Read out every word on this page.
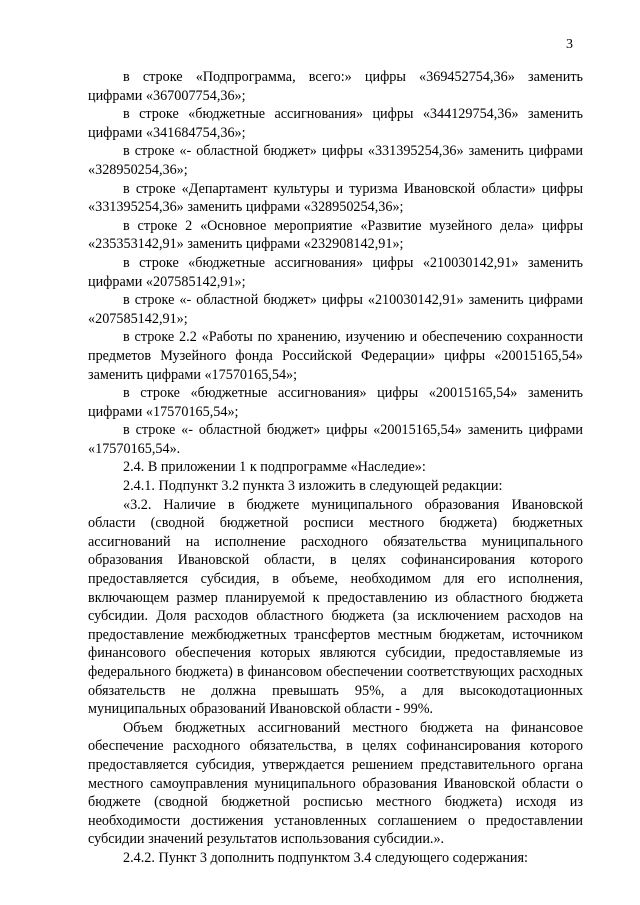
3

в строке «Подпрограмма, всего:» цифры «369452754,36» заменить цифрами «367007754,36»;

в строке «бюджетные ассигнования» цифры «344129754,36» заменить цифрами «341684754,36»;

в строке «- областной бюджет» цифры «331395254,36» заменить цифрами «328950254,36»;

в строке «Департамент культуры и туризма Ивановской области» цифры «331395254,36» заменить цифрами «328950254,36»;

в строке 2 «Основное мероприятие «Развитие музейного дела» цифры «235353142,91» заменить цифрами «232908142,91»;

в строке «бюджетные ассигнования» цифры «210030142,91» заменить цифрами «207585142,91»;

в строке «- областной бюджет» цифры «210030142,91» заменить цифрами «207585142,91»;

в строке 2.2 «Работы по хранению, изучению и обеспечению сохранности предметов Музейного фонда Российской Федерации» цифры «20015165,54» заменить цифрами «17570165,54»;

в строке «бюджетные ассигнования» цифры «20015165,54» заменить цифрами «17570165,54»;

в строке «- областной бюджет» цифры «20015165,54» заменить цифрами «17570165,54».

2.4. В приложении 1 к подпрограмме «Наследие»:

2.4.1. Подпункт 3.2 пункта 3 изложить в следующей редакции:

«3.2. Наличие в бюджете муниципального образования Ивановской области (сводной бюджетной росписи местного бюджета) бюджетных ассигнований на исполнение расходного обязательства муниципального образования Ивановской области, в целях софинансирования которого предоставляется субсидия, в объеме, необходимом для его исполнения, включающем размер планируемой к предоставлению из областного бюджета субсидии. Доля расходов областного бюджета (за исключением расходов на предоставление межбюджетных трансфертов местным бюджетам, источником финансового обеспечения которых являются субсидии, предоставляемые из федерального бюджета) в финансовом обеспечении соответствующих расходных обязательств не должна превышать 95%, а для высокодотационных муниципальных образований Ивановской области - 99%.

Объем бюджетных ассигнований местного бюджета на финансовое обеспечение расходного обязательства, в целях софинансирования которого предоставляется субсидия, утверждается решением представительного органа местного самоуправления муниципального образования Ивановской области о бюджете (сводной бюджетной росписью местного бюджета) исходя из необходимости достижения установленных соглашением о предоставлении субсидии значений результатов использования субсидии.».

2.4.2. Пункт 3 дополнить подпунктом 3.4 следующего содержания:
